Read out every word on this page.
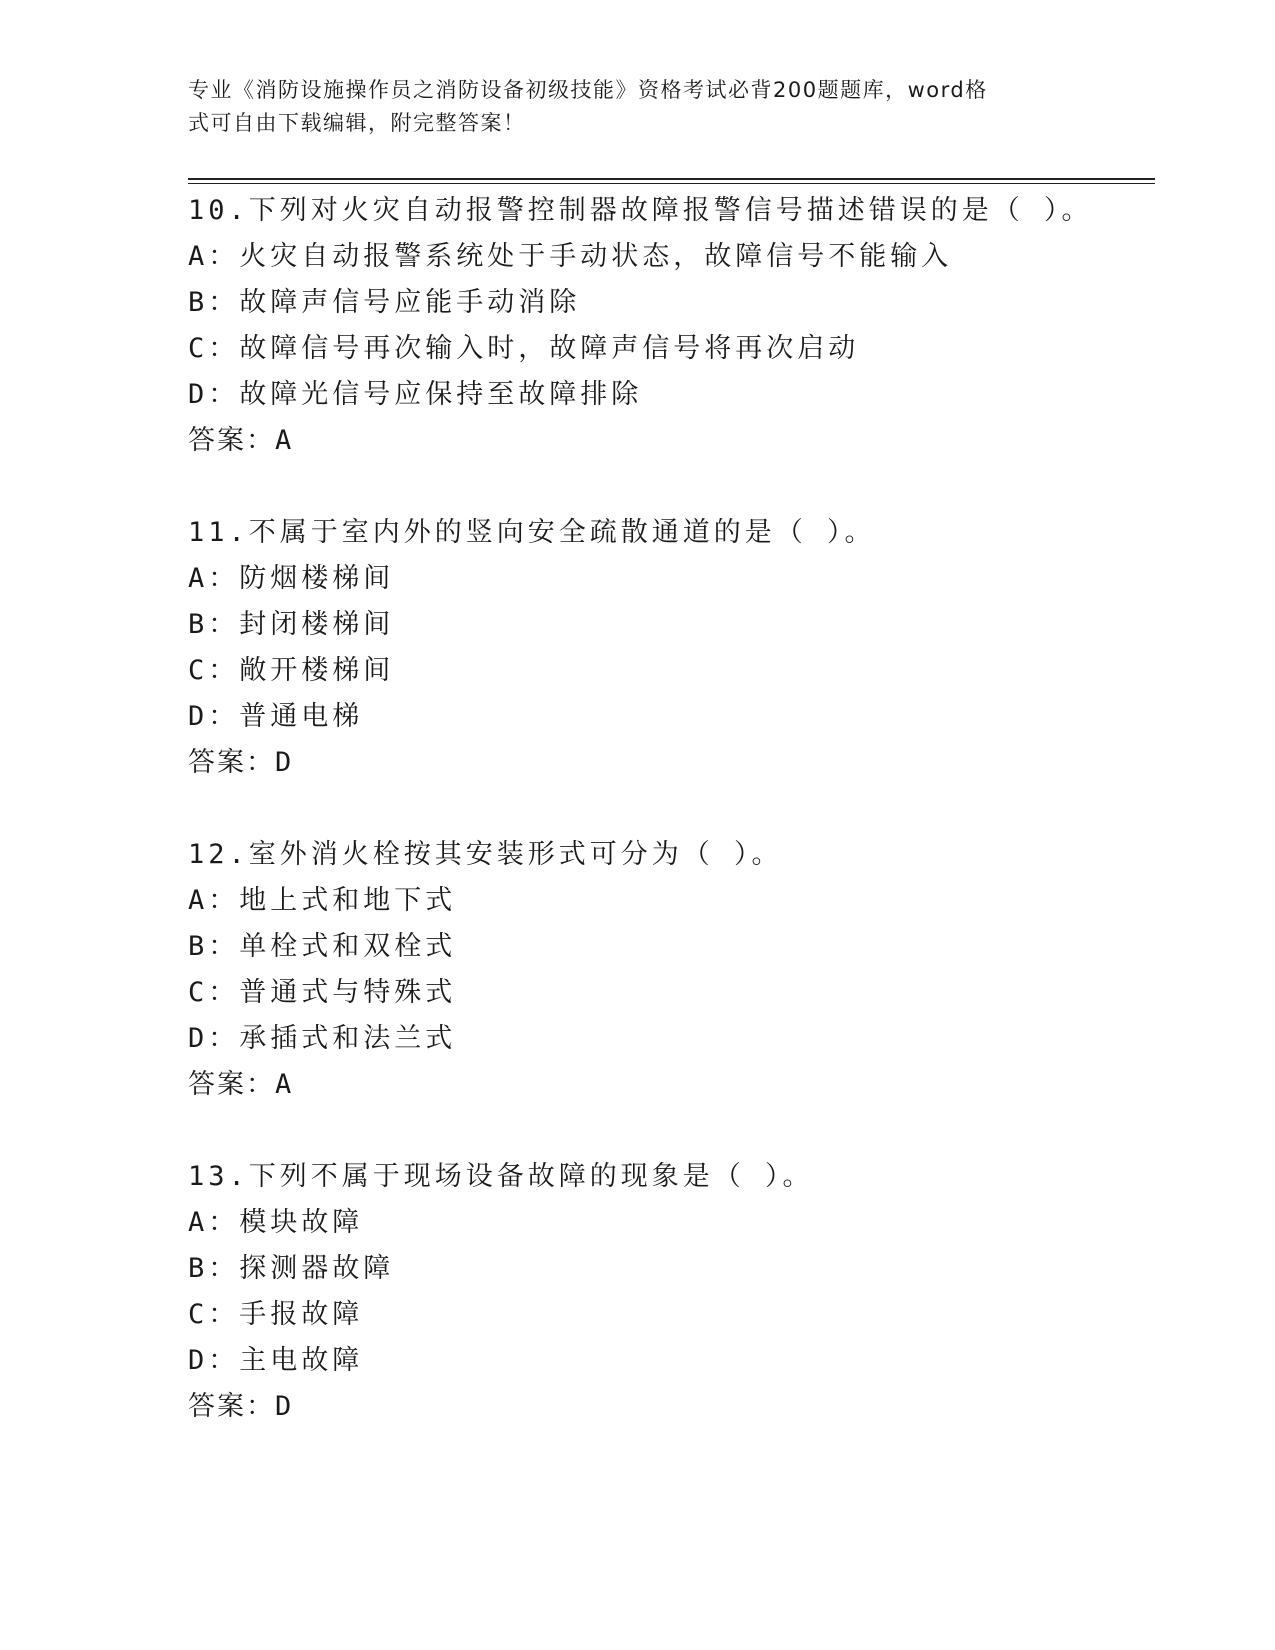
专业《消防设施操作员之消防设备初级技能》资格考试必背200题题库，word格
式可自由下载编辑，附完整答案！
10.下列对火灾自动报警控制器故障报警信号描述错误的是（ ）。
A：火灾自动报警系统处于手动状态，故障信号不能输入
B：故障声信号应能手动消除
C：故障信号再次输入时，故障声信号将再次启动
D：故障光信号应保持至故障排除
答案：A
11.不属于室内外的竖向安全疏散通道的是（ ）。
A：防烟楼梯间
B：封闭楼梯间
C：敞开楼梯间
D：普通电梯
答案：D
12.室外消火栓按其安装形式可分为（ ）。
A：地上式和地下式
B：单栓式和双栓式
C：普通式与特殊式
D：承插式和法兰式
答案：A
13.下列不属于现场设备故障的现象是（ ）。
A：模块故障
B：探测器故障
C：手报故障
D：主电故障
答案：D
